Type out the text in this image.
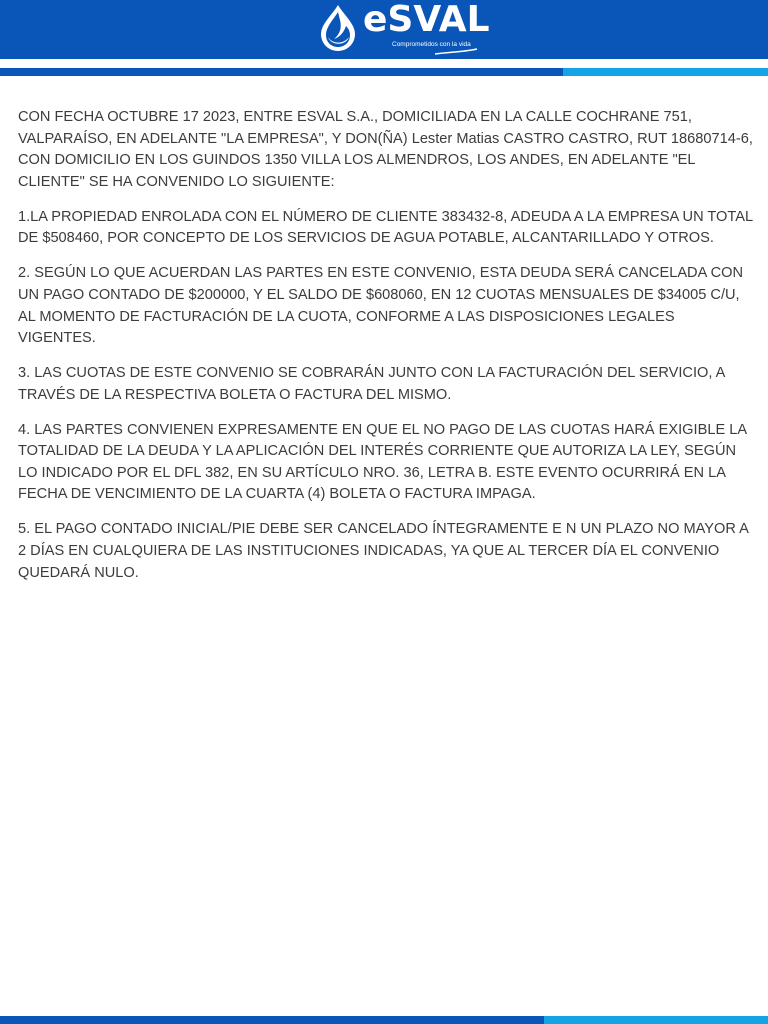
eSVAL
Comprometidos con la vida

CON FECHA OCTUBRE 17 2023, ENTRE ESVAL S.A., DOMICILIADA EN LA CALLE COCHRANE 751, VALPARAÍSO, EN ADELANTE "LA EMPRESA", Y DON(ÑA) Lester Matias CASTRO CASTRO, RUT 18680714-6, CON DOMICILIO EN LOS GUINDOS 1350 VILLA LOS ALMENDROS, LOS ANDES, EN ADELANTE "EL CLIENTE" SE HA CONVENIDO LO SIGUIENTE:

1.LA PROPIEDAD ENROLADA CON EL NÚMERO DE CLIENTE 383432-8, ADEUDA A LA EMPRESA UN TOTAL DE $508460, POR CONCEPTO DE LOS SERVICIOS DE AGUA POTABLE, ALCANTARILLADO Y OTROS.

2. SEGÚN LO QUE ACUERDAN LAS PARTES EN ESTE CONVENIO, ESTA DEUDA SERÁ CANCELADA CON UN PAGO CONTADO DE $200000, Y EL SALDO DE $608060, EN 12 CUOTAS MENSUALES DE $34005 C/U, AL MOMENTO DE FACTURACIÓN DE LA CUOTA, CONFORME A LAS DISPOSICIONES LEGALES VIGENTES.

3. LAS CUOTAS DE ESTE CONVENIO SE COBRARÁN JUNTO CON LA FACTURACIÓN DEL SERVICIO, A TRAVÉS DE LA RESPECTIVA BOLETA O FACTURA DEL MISMO.

4. LAS PARTES CONVIENEN EXPRESAMENTE EN QUE EL NO PAGO DE LAS CUOTAS HARÁ EXIGIBLE LA TOTALIDAD DE LA DEUDA Y LA APLICACIÓN DEL INTERÉS CORRIENTE QUE AUTORIZA LA LEY, SEGÚN LO INDICADO POR EL DFL 382, EN SU ARTÍCULO NRO. 36, LETRA B. ESTE EVENTO OCURRIRÁ EN LA FECHA DE VENCIMIENTO DE LA CUARTA (4) BOLETA O FACTURA IMPAGA.

5. EL PAGO CONTADO INICIAL/PIE DEBE SER CANCELADO ÍNTEGRAMENTE E N UN PLAZO NO MAYOR A 2 DÍAS EN CUALQUIERA DE LAS INSTITUCIONES INDICADAS, YA QUE AL TERCER DÍA EL CONVENIO QUEDARÁ NULO.
